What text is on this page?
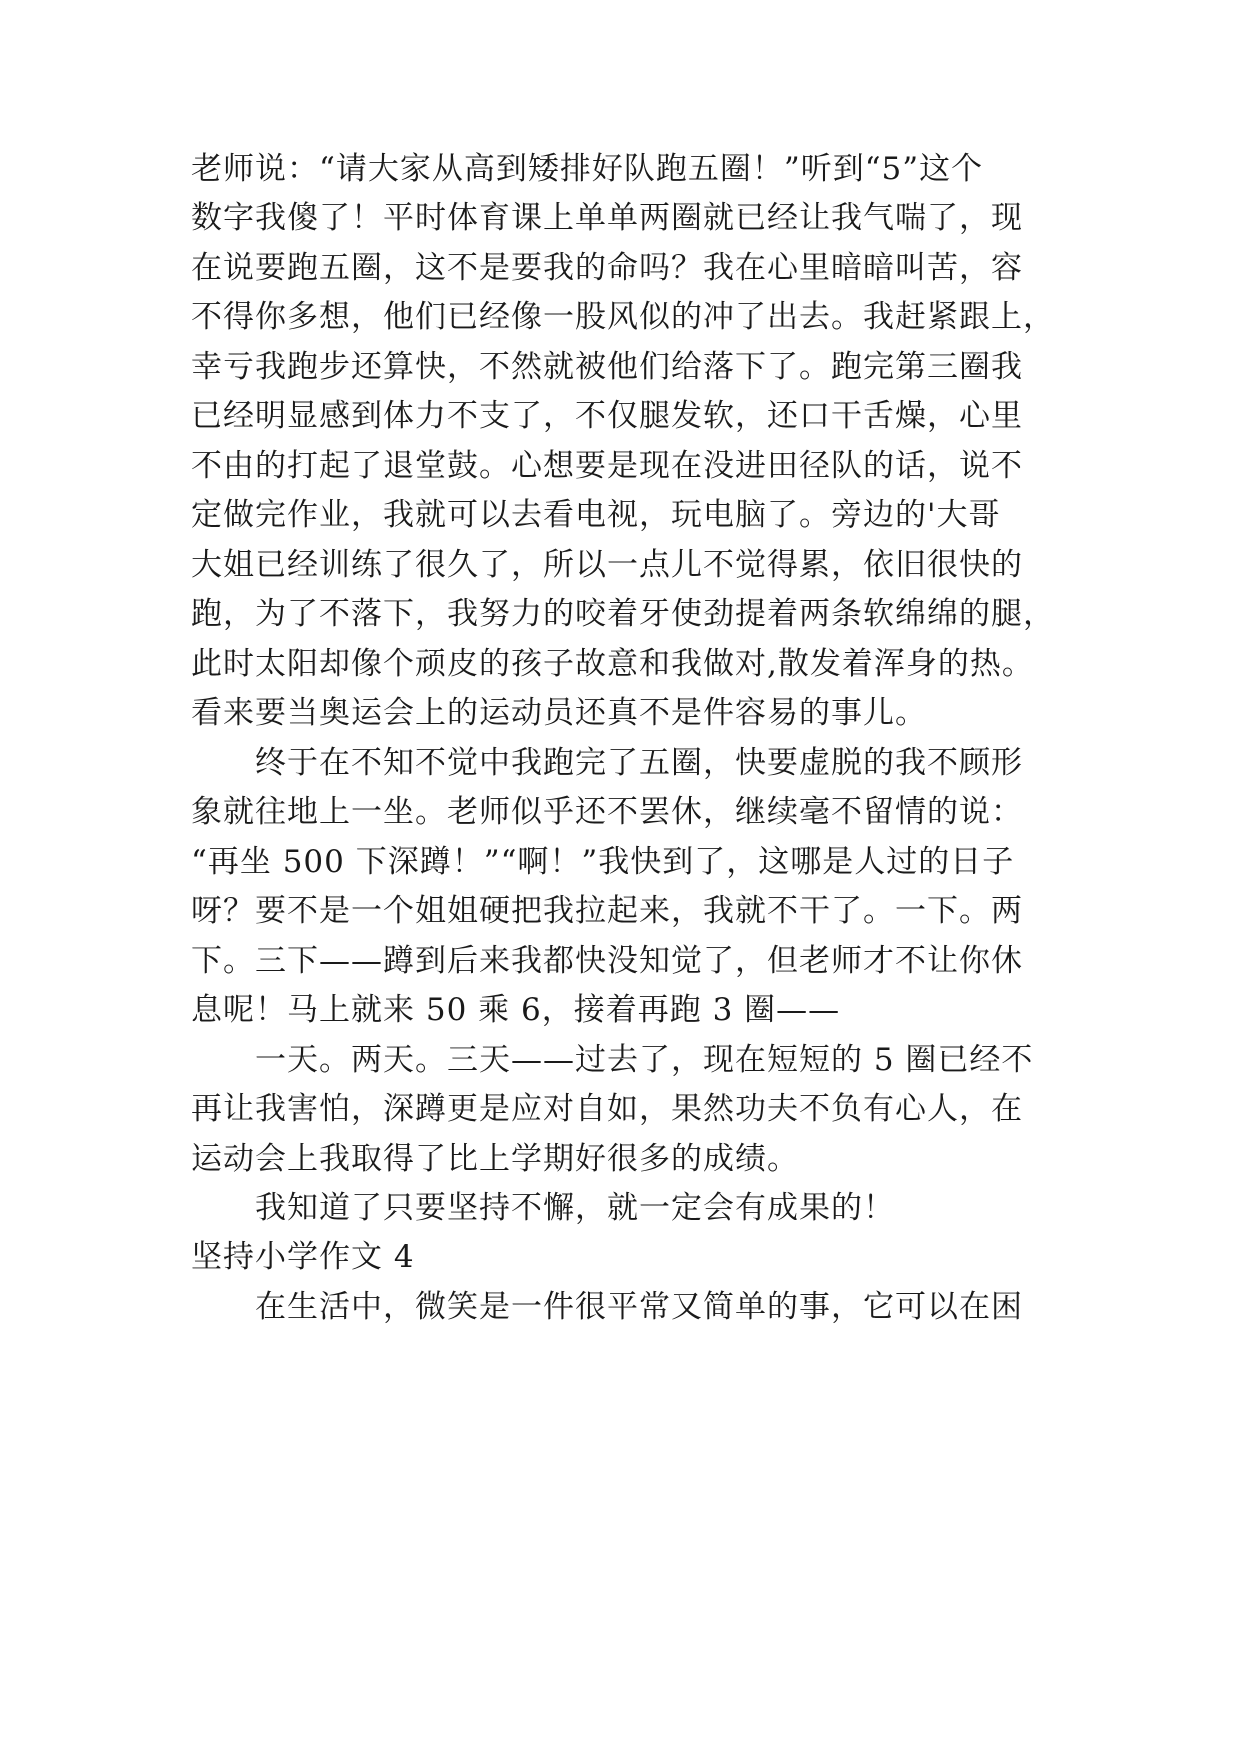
老师说：“请大家从高到矮排好队跑五圈！”听到“5”这个
数字我傻了！平时体育课上单单两圈就已经让我气喘了，现
在说要跑五圈，这不是要我的命吗？我在心里暗暗叫苦，容
不得你多想，他们已经像一股风似的冲了出去。我赶紧跟上，
幸亏我跑步还算快，不然就被他们给落下了。跑完第三圈我
已经明显感到体力不支了，不仅腿发软，还口干舌燥，心里
不由的打起了退堂鼓。心想要是现在没进田径队的话，说不
定做完作业，我就可以去看电视，玩电脑了。旁边的'大哥
大姐已经训练了很久了，所以一点儿不觉得累，依旧很快的
跑，为了不落下，我努力的咬着牙使劲提着两条软绵绵的腿，
此时太阳却像个顽皮的孩子故意和我做对,散发着浑身的热。
看来要当奥运会上的运动员还真不是件容易的事儿。
终于在不知不觉中我跑完了五圈，快要虚脱的我不顾形
象就往地上一坐。老师似乎还不罢休，继续毫不留情的说：
“再坐 500 下深蹲！”“啊！”我快到了，这哪是人过的日子
呀？要不是一个姐姐硬把我拉起来，我就不干了。一下。两
下。三下——蹲到后来我都快没知觉了，但老师才不让你休
息呢！马上就来 50 乘 6，接着再跑 3 圈——
一天。两天。三天——过去了，现在短短的 5 圈已经不
再让我害怕，深蹲更是应对自如，果然功夫不负有心人，在
运动会上我取得了比上学期好很多的成绩。
我知道了只要坚持不懈，就一定会有成果的！
坚持小学作文 4
在生活中，微笑是一件很平常又简单的事，它可以在困
